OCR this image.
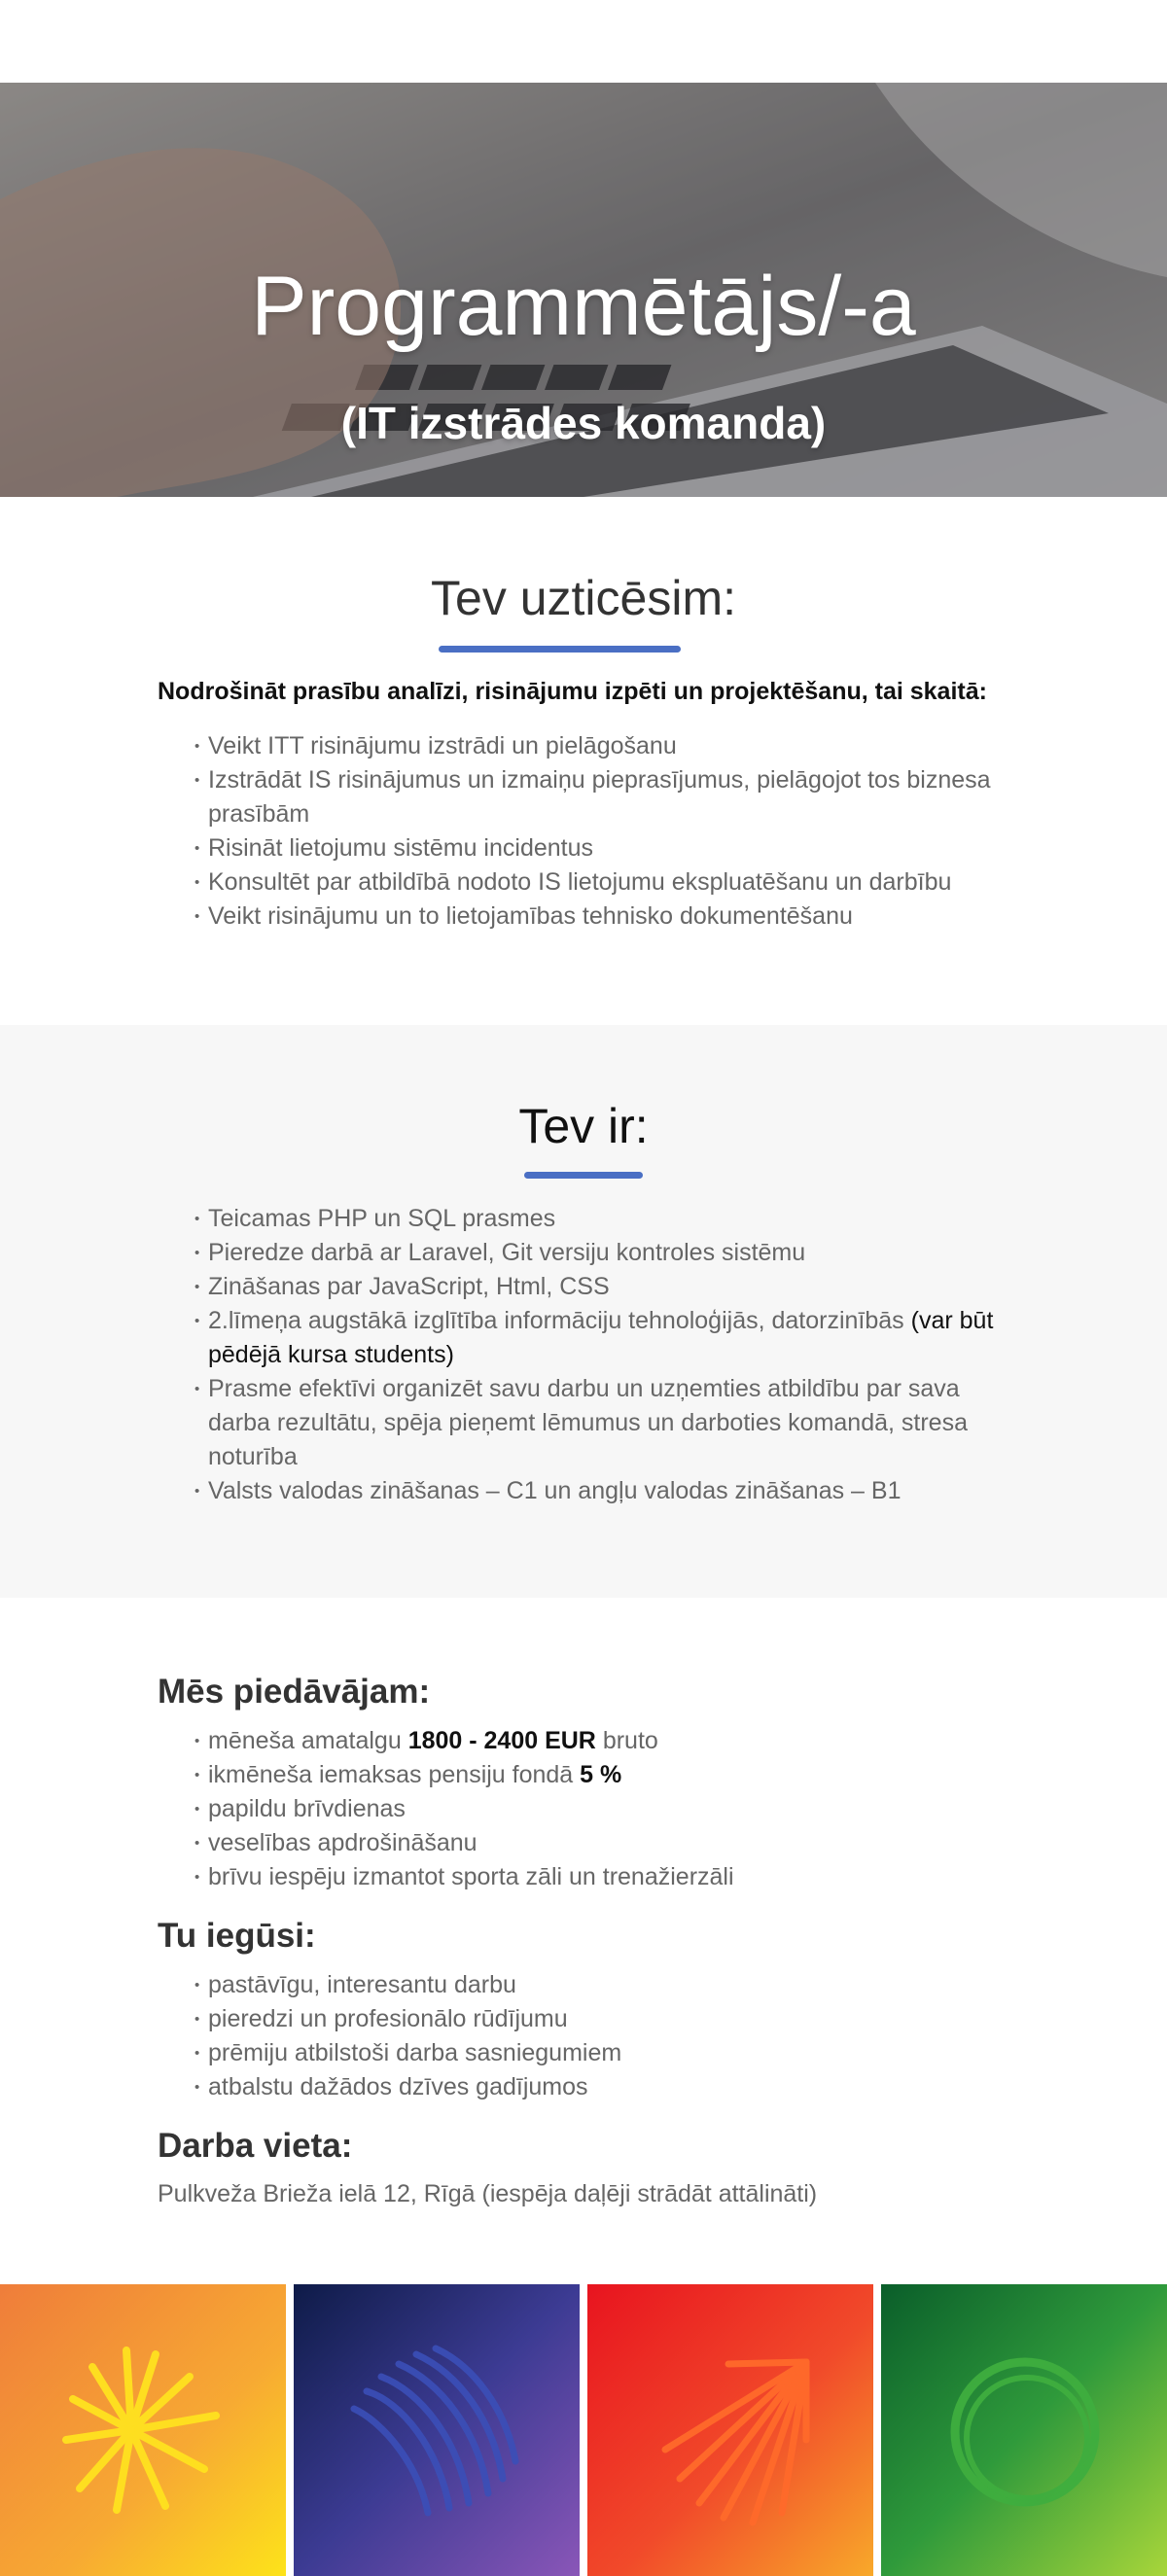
Programmētājs/-a
(IT izstrādes komanda)
Tev uzticēsim:

Nodrošināt prasību analīzi, risinājumu izpēti un projektēšanu, tai skaitā:

• Veikt ITT risinājumu izstrādi un pielāgošanu
• Izstrādāt IS risinājumus un izmaiņu pieprasījumus, pielāgojot tos biznesa prasībām
• Risināt lietojumu sistēmu incidentus
• Konsultēt par atbildībā nodoto IS lietojumu ekspluatēšanu un darbību
• Veikt risinājumu un to lietojamības tehnisko dokumentēšanu
Tev ir:
• Teicamas PHP un SQL prasmes
• Pieredze darbā ar Laravel, Git versiju kontroles sistēmu
• Zināšanas par JavaScript, Html, CSS
• 2.līmeņa augstākā izglītība informāciju tehnoloģijās, datorzinībās (var būt pēdējā kursa students)
• Prasme efektīvi organizēt savu darbu un uzņemties atbildību par sava darba rezultātu, spēja pieņemt lēmumus un darboties komandā, stresa noturība
• Valsts valodas zināšanas – C1 un angļu valodas zināšanas – B1
Mēs piedāvājam:
• mēneša amatalgu 1800 - 2400 EUR bruto
• ikmēneša iemaksas pensiju fondā 5 %
• papildu brīvdienas
• veselības apdrošināšanu
• brīvu iespēju izmantot sporta zāli un trenažierzāli
Tu iegūsi:
• pastāvīgu, interesantu darbu
• pieredzi un profesionālo rūdījumu
• prēmiju atbilstoši darba sasniegumiem
• atbalstu dažādos dzīves gadījumos
Darba vieta:

Pulkveža Brieža ielā 12, Rīgā (iespēja daļēji strādāt attālināti)
